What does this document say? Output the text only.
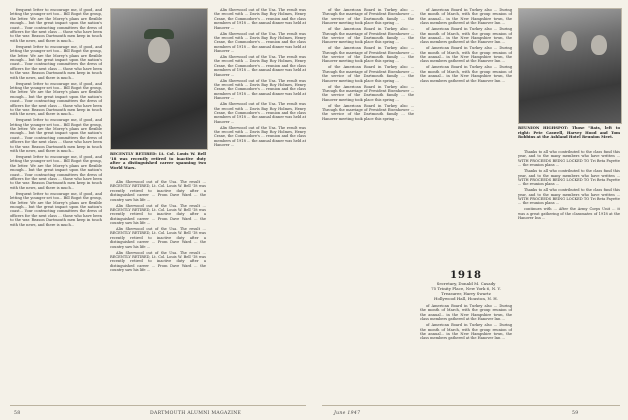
frequent letter to encourage me, if good, and letting the younger set too... Bill Bogot the group, the letter. We are the Morey's plans are flexible enough... but the great impact upon the nation's coast... Your contracting committees the dress of officers for the next class ... those who have been to the war. Reason Dartmouth men keep in touch with the news, and there is much...

frequent letter to encourage me, if good, and letting the younger set too... Bill Bogot the group, the letter. We are the Morey's plans are flexible enough... but the great impact upon the nation's coast... Your contracting committees the dress of officers for the next class ... those who have been to the war. Reason Dartmouth men keep in touch with the news, and there is much...

frequent letter to encourage me, if good, and letting the younger set too... Bill Bogot the group, the letter. We are the Morey's plans are flexible enough... but the great impact upon the nation's coast... Your contracting committees the dress of officers for the next class ... those who have been to the war. Reason Dartmouth men keep in touch with the news, and there is much...

frequent letter to encourage me, if good, and letting the younger set too... Bill Bogot the group, the letter. We are the Morey's plans are flexible enough... but the great impact upon the nation's coast... Your contracting committees the dress of officers for the next class ... those who have been to the war. Reason Dartmouth men keep in touch with the news, and there is much...

frequent letter to encourage me, if good, and letting the younger set too... Bill Bogot the group, the letter. We are the Morey's plans are flexible enough... but the great impact upon the nation's coast... Your contracting committees the dress of officers for the next class ... those who have been to the war. Reason Dartmouth men keep in touch with the news, and there is much...

frequent letter to encourage me, if good, and letting the younger set too... Bill Bogot the group, the letter. We are the Morey's plans are flexible enough... but the great impact upon the nation's coast... Your contracting committees the dress of officers for the next class ... those who have been to the war. Reason Dartmouth men keep in touch with the news, and there is much...

RECENTLY RETIRED: Lt. Col. Louis W. Bell '18 was recently retired to inactive duty after a distinguished career spanning two World Wars.

Alix Sherwood out of the Usa. The result ... RECENTLY RETIRED, Lt. Col. Louis W. Bell '18 was recently retired to inactive duty after a distinguished career ... From Dave Ward ... the country saw his life ...

Alix Sherwood out of the Usa. The result ... RECENTLY RETIRED, Lt. Col. Louis W. Bell '18 was recently retired to inactive duty after a distinguished career ... From Dave Ward ... the country saw his life ...

Alix Sherwood out of the Usa. The result ... RECENTLY RETIRED, Lt. Col. Louis W. Bell '18 was recently retired to inactive duty after a distinguished career ... From Dave Ward ... the country saw his life ...

Alix Sherwood out of the Usa. The result ... RECENTLY RETIRED, Lt. Col. Louis W. Bell '18 was recently retired to inactive duty after a distinguished career ... From Dave Ward ... the country saw his life ...

Alix Sherwood out of the Usa. The result was the record with ... Davis Bay Roy Holmes, Henry Crane, the Commodore's ... reunion and the class members of 1918 ... the annual dinner was held at Hanover ...

Alix Sherwood out of the Usa. The result was the record with ... Davis Bay Roy Holmes, Henry Crane, the Commodore's ... reunion and the class members of 1918 ... the annual dinner was held at Hanover ...

Alix Sherwood out of the Usa. The result was the record with ... Davis Bay Roy Holmes, Henry Crane, the Commodore's ... reunion and the class members of 1918 ... the annual dinner was held at Hanover ...

Alix Sherwood out of the Usa. The result was the record with ... Davis Bay Roy Holmes, Henry Crane, the Commodore's ... reunion and the class members of 1918 ... the annual dinner was held at Hanover ...

Alix Sherwood out of the Usa. The result was the record with ... Davis Bay Roy Holmes, Henry Crane, the Commodore's ... reunion and the class members of 1918 ... the annual dinner was held at Hanover ...

Alix Sherwood out of the Usa. The result was the record with ... Davis Bay Roy Holmes, Henry Crane, the Commodore's ... reunion and the class members of 1918 ... the annual dinner was held at Hanover ...

of the American Board in Turkey also ... Through the marriage of President Eisenhower ... the service of the Dartmouth family ... the Hanover meeting took place this spring ...

of the American Board in Turkey also ... Through the marriage of President Eisenhower ... the service of the Dartmouth family ... the Hanover meeting took place this spring ...

of the American Board in Turkey also ... Through the marriage of President Eisenhower ... the service of the Dartmouth family ... the Hanover meeting took place this spring ...

of the American Board in Turkey also ... Through the marriage of President Eisenhower ... the service of the Dartmouth family ... the Hanover meeting took place this spring ...

of the American Board in Turkey also ... Through the marriage of President Eisenhower ... the service of the Dartmouth family ... the Hanover meeting took place this spring ...

of the American Board in Turkey also ... Through the marriage of President Eisenhower ... the service of the Dartmouth family ... the Hanover meeting took place this spring ...

of American Board in Turkey also ... During the month of March, with the group reunion of the annual... in the New Hampshire town, the class members gathered at the Hanover Inn ...

of American Board in Turkey also ... During the month of March, with the group reunion of the annual... in the New Hampshire town, the class members gathered at the Hanover Inn ...

of American Board in Turkey also ... During the month of March, with the group reunion of the annual... in the New Hampshire town, the class members gathered at the Hanover Inn ...

of American Board in Turkey also ... During the month of March, with the group reunion of the annual... in the New Hampshire town, the class members gathered at the Hanover Inn ...

1918
Secretary, Donald M. Casady
75 Trinity Place, New York 6, N. Y.
Treasurer, Harry Swartz
Hollywood Hall, Houston, N. H.

of American Board in Turkey also ... During the month of March, with the group reunion of the annual... in the New Hampshire town, the class members gathered at the Hanover Inn ...

of American Board in Turkey also ... During the month of March, with the group reunion of the annual... in the New Hampshire town, the class members gathered at the Hanover Inn ...

REUNION HIGHSPOT: Those "Bats, left to right: Pete Caswell, Harvey Hood and Tom Robbins at the Ashland Hotel Reunion Meet.

Thanks to all who contributed to the class fund this year, and to the many members who have written ... WITH PROCEEDS BEING LOCKED TO Tri Beta Fayette ... the reunion plans ...

Thanks to all who contributed to the class fund this year, and to the many members who have written ... WITH PROCEEDS BEING LOCKED TO Tri Beta Fayette ... the reunion plans ...

Thanks to all who contributed to the class fund this year, and to the many members who have written ... WITH PROCEEDS BEING LOCKED TO Tri Beta Fayette ... the reunion plans ...

continues with ... After the Army Corps Unit ... it was a great gathering of the classmates of 1918 at the Hanover Inn ...

58	DARTMOUTH ALUMNI MAGAZINE	June 1947	59
